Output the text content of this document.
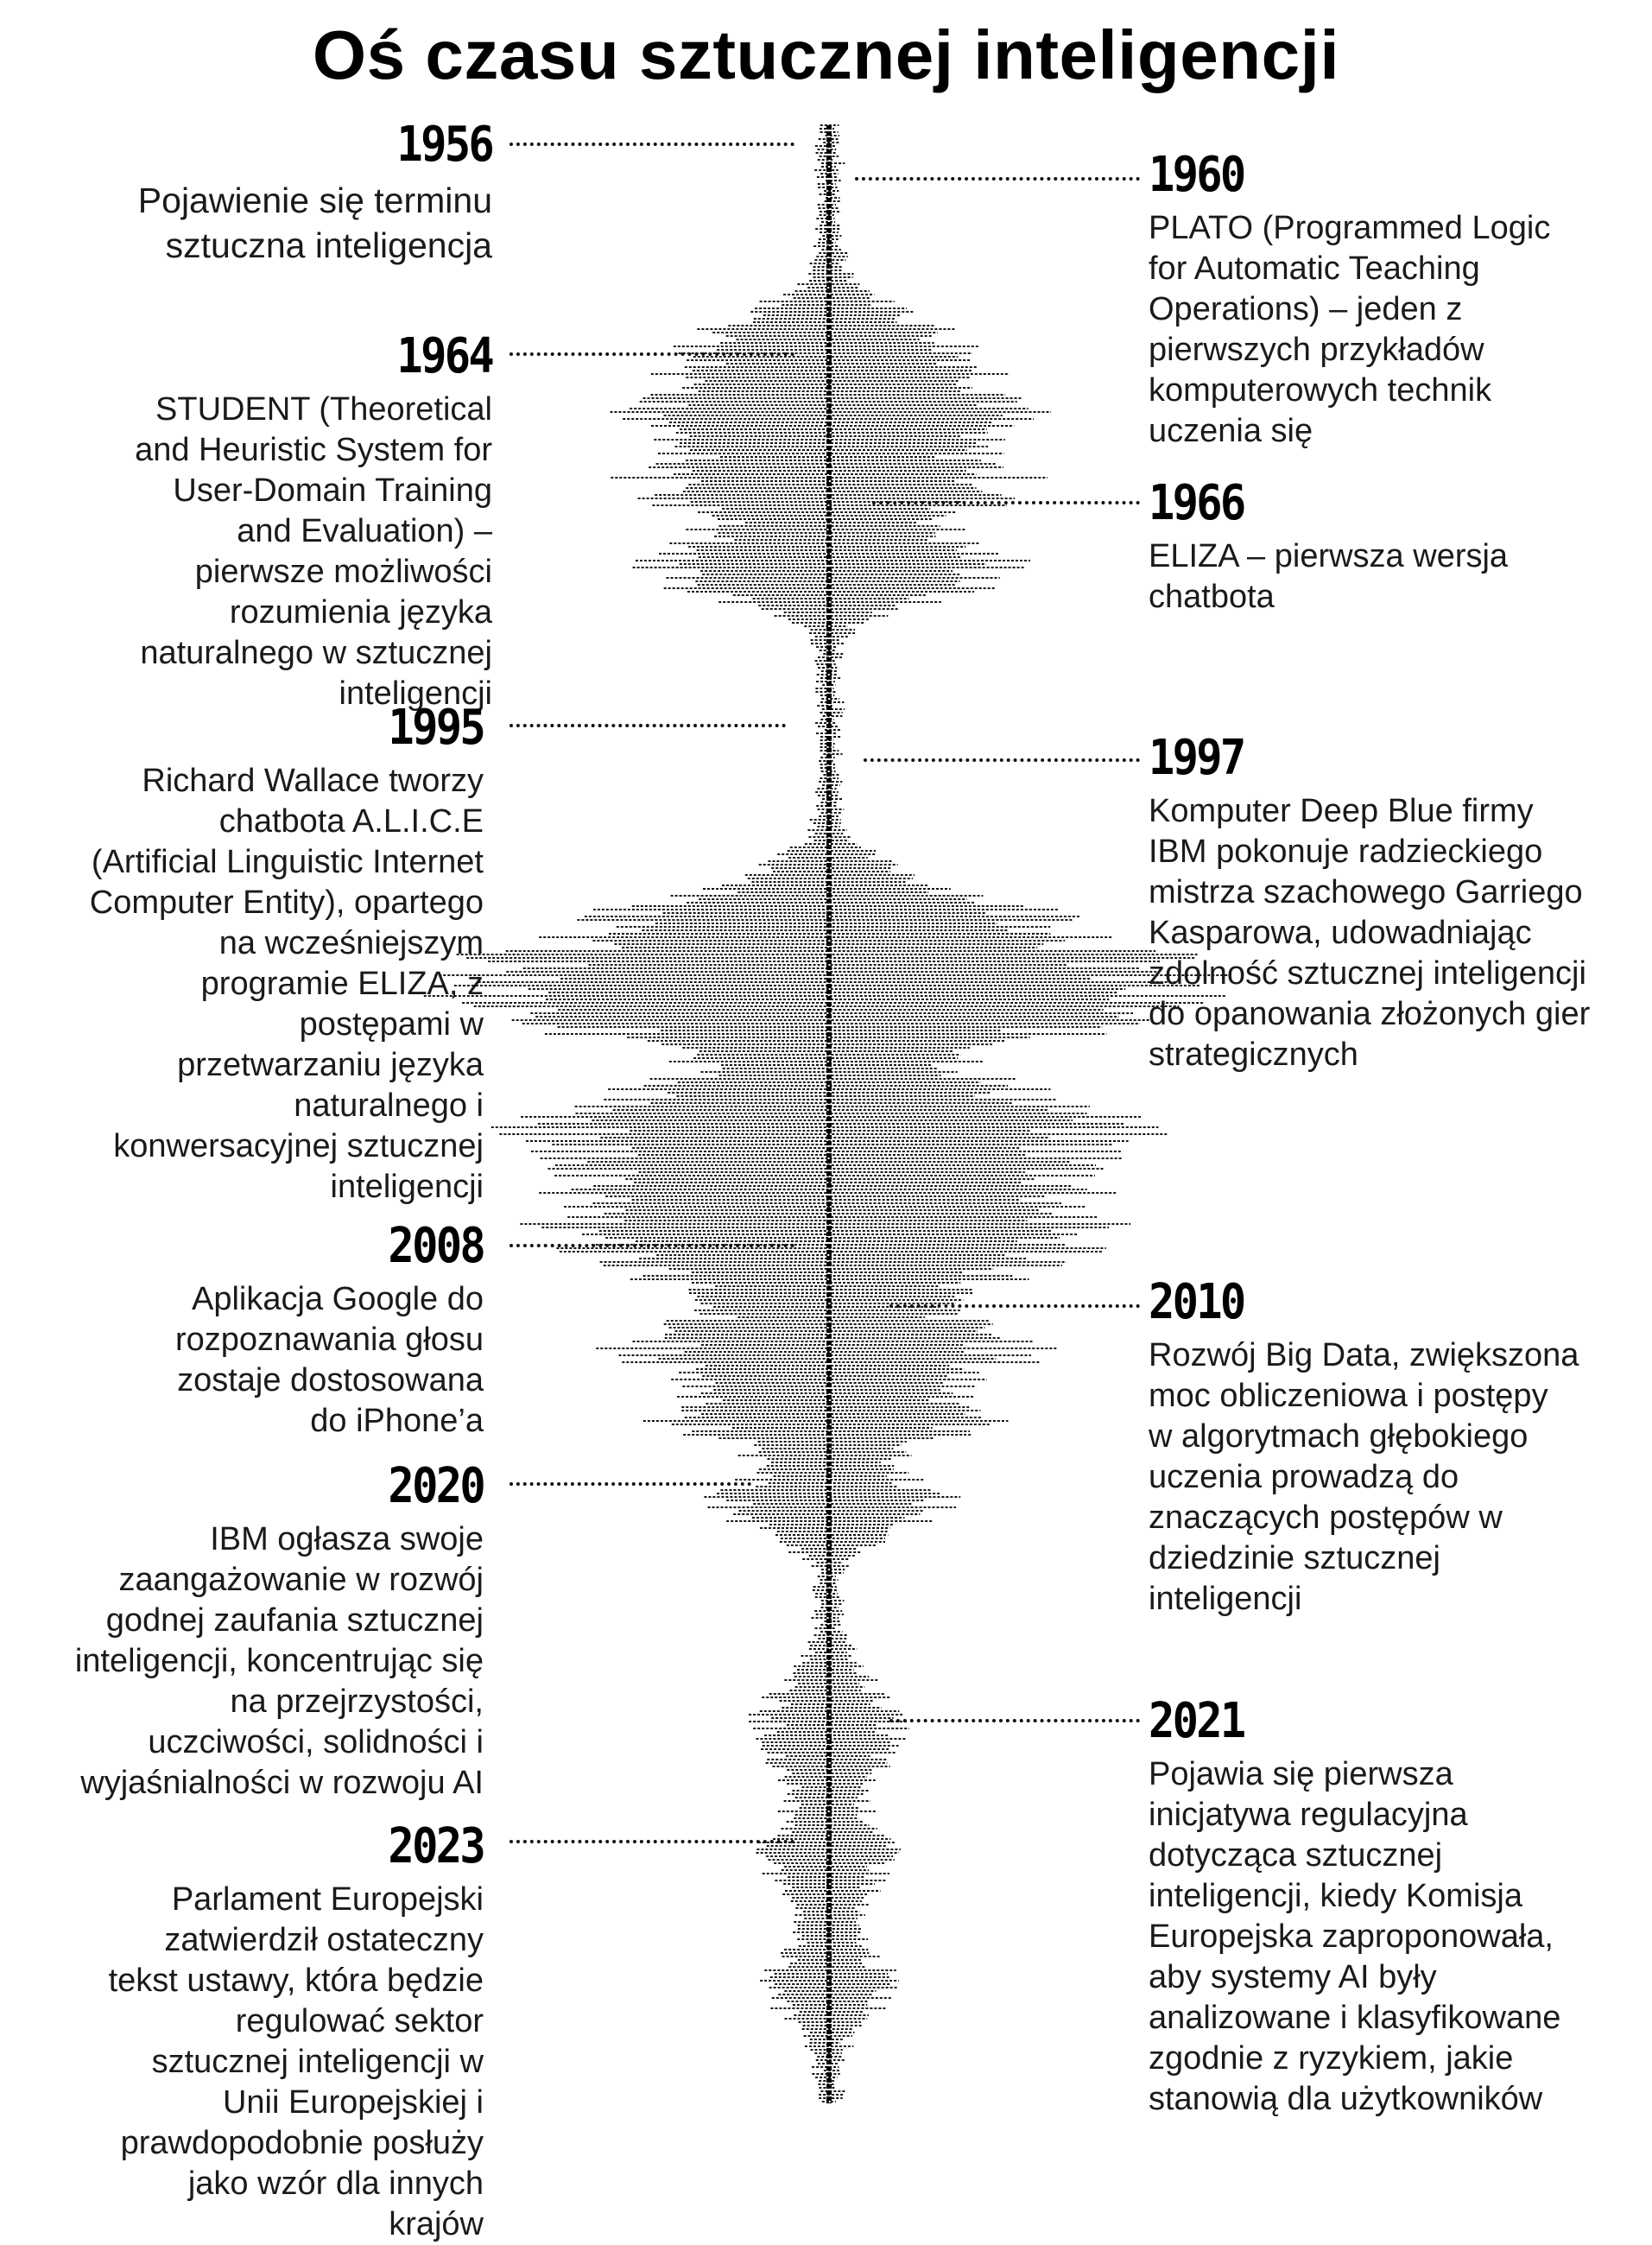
Oś czasu sztucznej inteligencji
1956
Pojawienie się terminu sztuczna inteligencja
1964
STUDENT (Theoretical and Heuristic System for User-Domain Training and Evaluation) – pierwsze możliwości rozumienia języka naturalnego w sztucznej inteligencji
1995
Richard Wallace tworzy chatbota A.L.I.C.E (Artificial Linguistic Internet Computer Entity), opartego na wcześniejszym programie ELIZA, z postępami w przetwarzaniu języka naturalnego i konwersacyjnej sztucznej inteligencji
2008
Aplikacja Google do rozpoznawania głosu zostaje dostosowana do iPhone’a
2020
IBM ogłasza swoje zaangażowanie w rozwój godnej zaufania sztucznej inteligencji, koncentrując się na przejrzystości, uczciwości, solidności i wyjaśnialności w rozwoju AI
2023
Parlament Europejski zatwierdził ostateczny tekst ustawy, która będzie regulować sektor sztucznej inteligencji w Unii Europejskiej i prawdopodobnie posłuży jako wzór dla innych krajów
1960
PLATO (Programmed Logic for Automatic Teaching Operations) – jeden z pierwszych przykładów komputerowych technik uczenia się
1966
ELIZA – pierwsza wersja chatbota
1997
Komputer Deep Blue firmy IBM pokonuje radzieckiego mistrza szachowego Garriego Kasparowa, udowadniając zdolność sztucznej inteligencji do opanowania złożonych gier strategicznych
2010
Rozwój Big Data, zwiększona moc obliczeniowa i postępy w algorytmach głębokiego uczenia prowadzą do znaczących postępów w dziedzinie sztucznej inteligencji
2021
Pojawia się pierwsza inicjatywa regulacyjna dotycząca sztucznej inteligencji, kiedy Komisja Europejska zaproponowała, aby systemy AI były analizowane i klasyfikowane zgodnie z ryzykiem, jakie stanowią dla użytkowników
